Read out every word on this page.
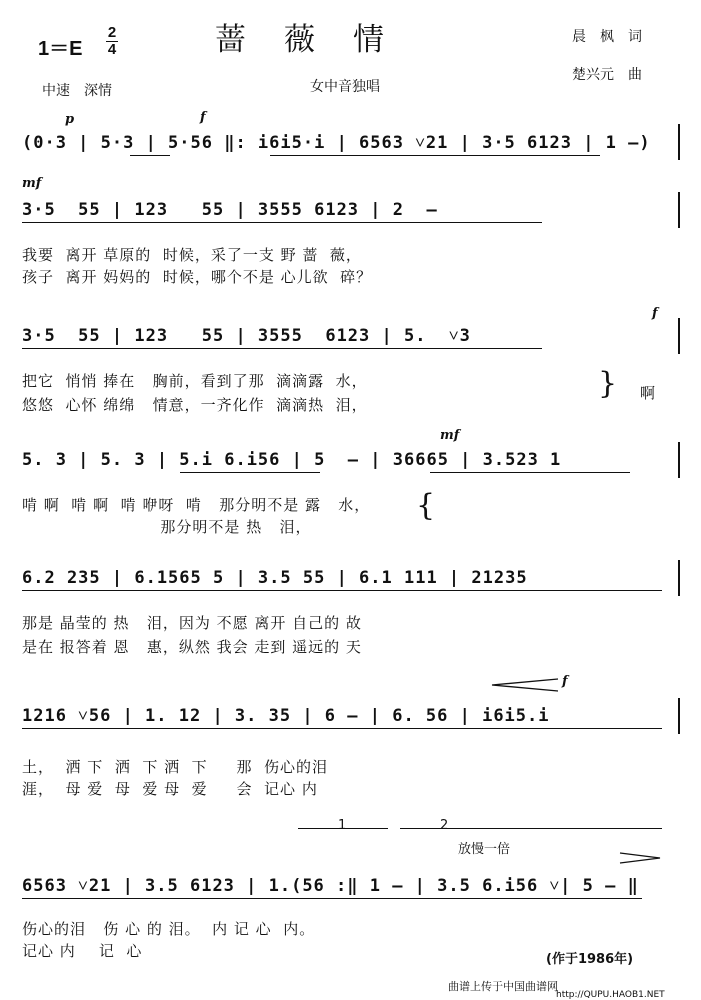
1＝E
2
4	蔷薇情
女中音独唱
中速　深情
晨　枫　词
楚兴元　曲
p	f
(0·3 | 5·3 | 5·56 ‖: i6i5·i | 6563 ˅21 | 3·5 6123 | 1 —)
mf
3·5  55 | 123   55 | 3555 6123 | 2  —
我要  离开 草原的  时候，采了一支 野 蔷  薇，
孩子  离开 妈妈的  时候，哪个不是 心儿欲  碎？
f
3·5  55 | 123   55 | 3555  6123 | 5.  ˅3
把它  悄悄 捧在   胸前，看到了那  滴滴露  水，
悠悠  心怀 绵绵   情意，一齐化作  滴滴热  泪，
} 啊
mf
5. 3 | 5. 3 | 5.i 6.i56 | 5  — | 36665 | 3.523 1
啃 啊  啃 啊  啃 咿呀  啃   那分明不是 露   水，
那分明不是 热   泪，
{
6.2 235 | 6.1565 5 | 3.5 55 | 6.1 111 | 21235
那是 晶莹的 热   泪，因为 不愿 离开 自己的 故
是在 报答着 恩   惠，纵然 我会 走到 遥远的 天
f
1216 ˅56 | 1. 12 | 3. 35 | 6 — | 6. 56 | i6i5.i
土，  洒 下  洒  下 洒  下     那  伤心的泪
涯，  母 爱  母  爱 母  爱     会  记心 内
1	2
放慢一倍
6563 ˅21 | 3.5 6123 | 1.(56 :‖ 1 — | 3.5 6.i56 ˅| 5 — ‖
伤心的泪   伤 心 的 泪。  内 记 心  内。
记心 内    记  心	(作于1986年)
曲谱上传于中国曲谱网
http://QUPU.HAOB1.NET
